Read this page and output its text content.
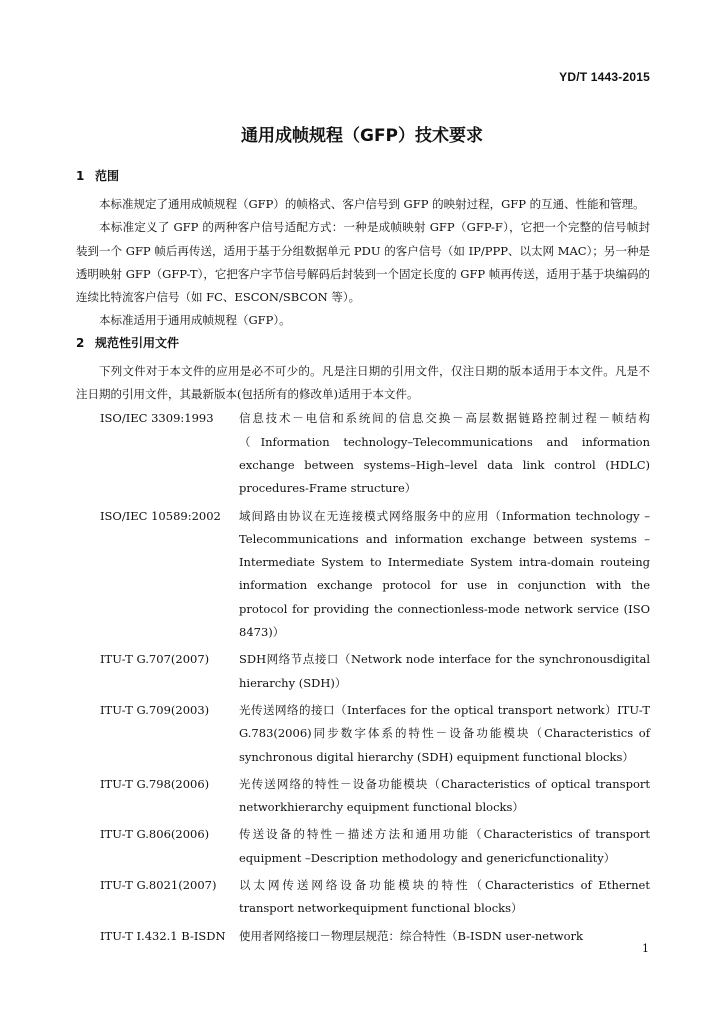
YD/T 1443-2015
通用成帧规程（GFP）技术要求
1 范围

本标准规定了通用成帧规程（GFP）的帧格式、客户信号到 GFP 的映射过程，GFP 的互通、性能和管理。

本标准定义了 GFP 的两种客户信号适配方式：一种是成帧映射 GFP（GFP-F），它把一个完整的信号帧封装到一个 GFP 帧后再传送，适用于基于分组数据单元 PDU 的客户信号（如 IP/PPP、以太网 MAC）；另一种是透明映射 GFP（GFP-T），它把客户字节信号解码后封装到一个固定长度的 GFP 帧再传送，适用于基于块编码的连续比特流客户信号（如 FC、ESCON/SBCON 等）。

本标准适用于通用成帧规程（GFP）。

2 规范性引用文件

下列文件对于本文件的应用是必不可少的。凡是注日期的引用文件，仅注日期的版本适用于本文件。凡是不注日期的引用文件，其最新版本(包括所有的修改单)适用于本文件。

ISO/IEC 3309:1993	信息技术－电信和系统间的信息交换－高层数据链路控制过程－帧结构（Information technology–Telecommunications and information exchange between systems–High–level data link control (HDLC) procedures-Frame structure）
ISO/IEC 10589:2002	域间路由协议在无连接模式网络服务中的应用（Information technology – Telecommunications and information exchange between systems – Intermediate System to Intermediate System intra-domain routeing information exchange protocol for use in conjunction with the protocol for providing the connectionless-mode network service (ISO 8473)）
ITU-T G.707(2007)	SDH网络节点接口（Network node interface for the synchronousdigital hierarchy (SDH)）
ITU-T G.709(2003)	光传送网络的接口（Interfaces for the optical transport network）ITU-T G.783(2006)同步数字体系的特性－设备功能模块（Characteristics of synchronous digital hierarchy (SDH) equipment functional blocks）
ITU-T G.798(2006)	光传送网络的特性－设备功能模块（Characteristics of optical transport networkhierarchy equipment functional blocks）
ITU-T G.806(2006)	传送设备的特性－描述方法和通用功能（Characteristics of transport equipment –Description methodology and genericfunctionality）
ITU-T G.8021(2007)	以太网传送网络设备功能模块的特性（Characteristics of Ethernet transport networkequipment functional blocks）
ITU-T I.432.1 B-ISDN	使用者网络接口－物理层规范：综合特性（B-ISDN user-network
1
